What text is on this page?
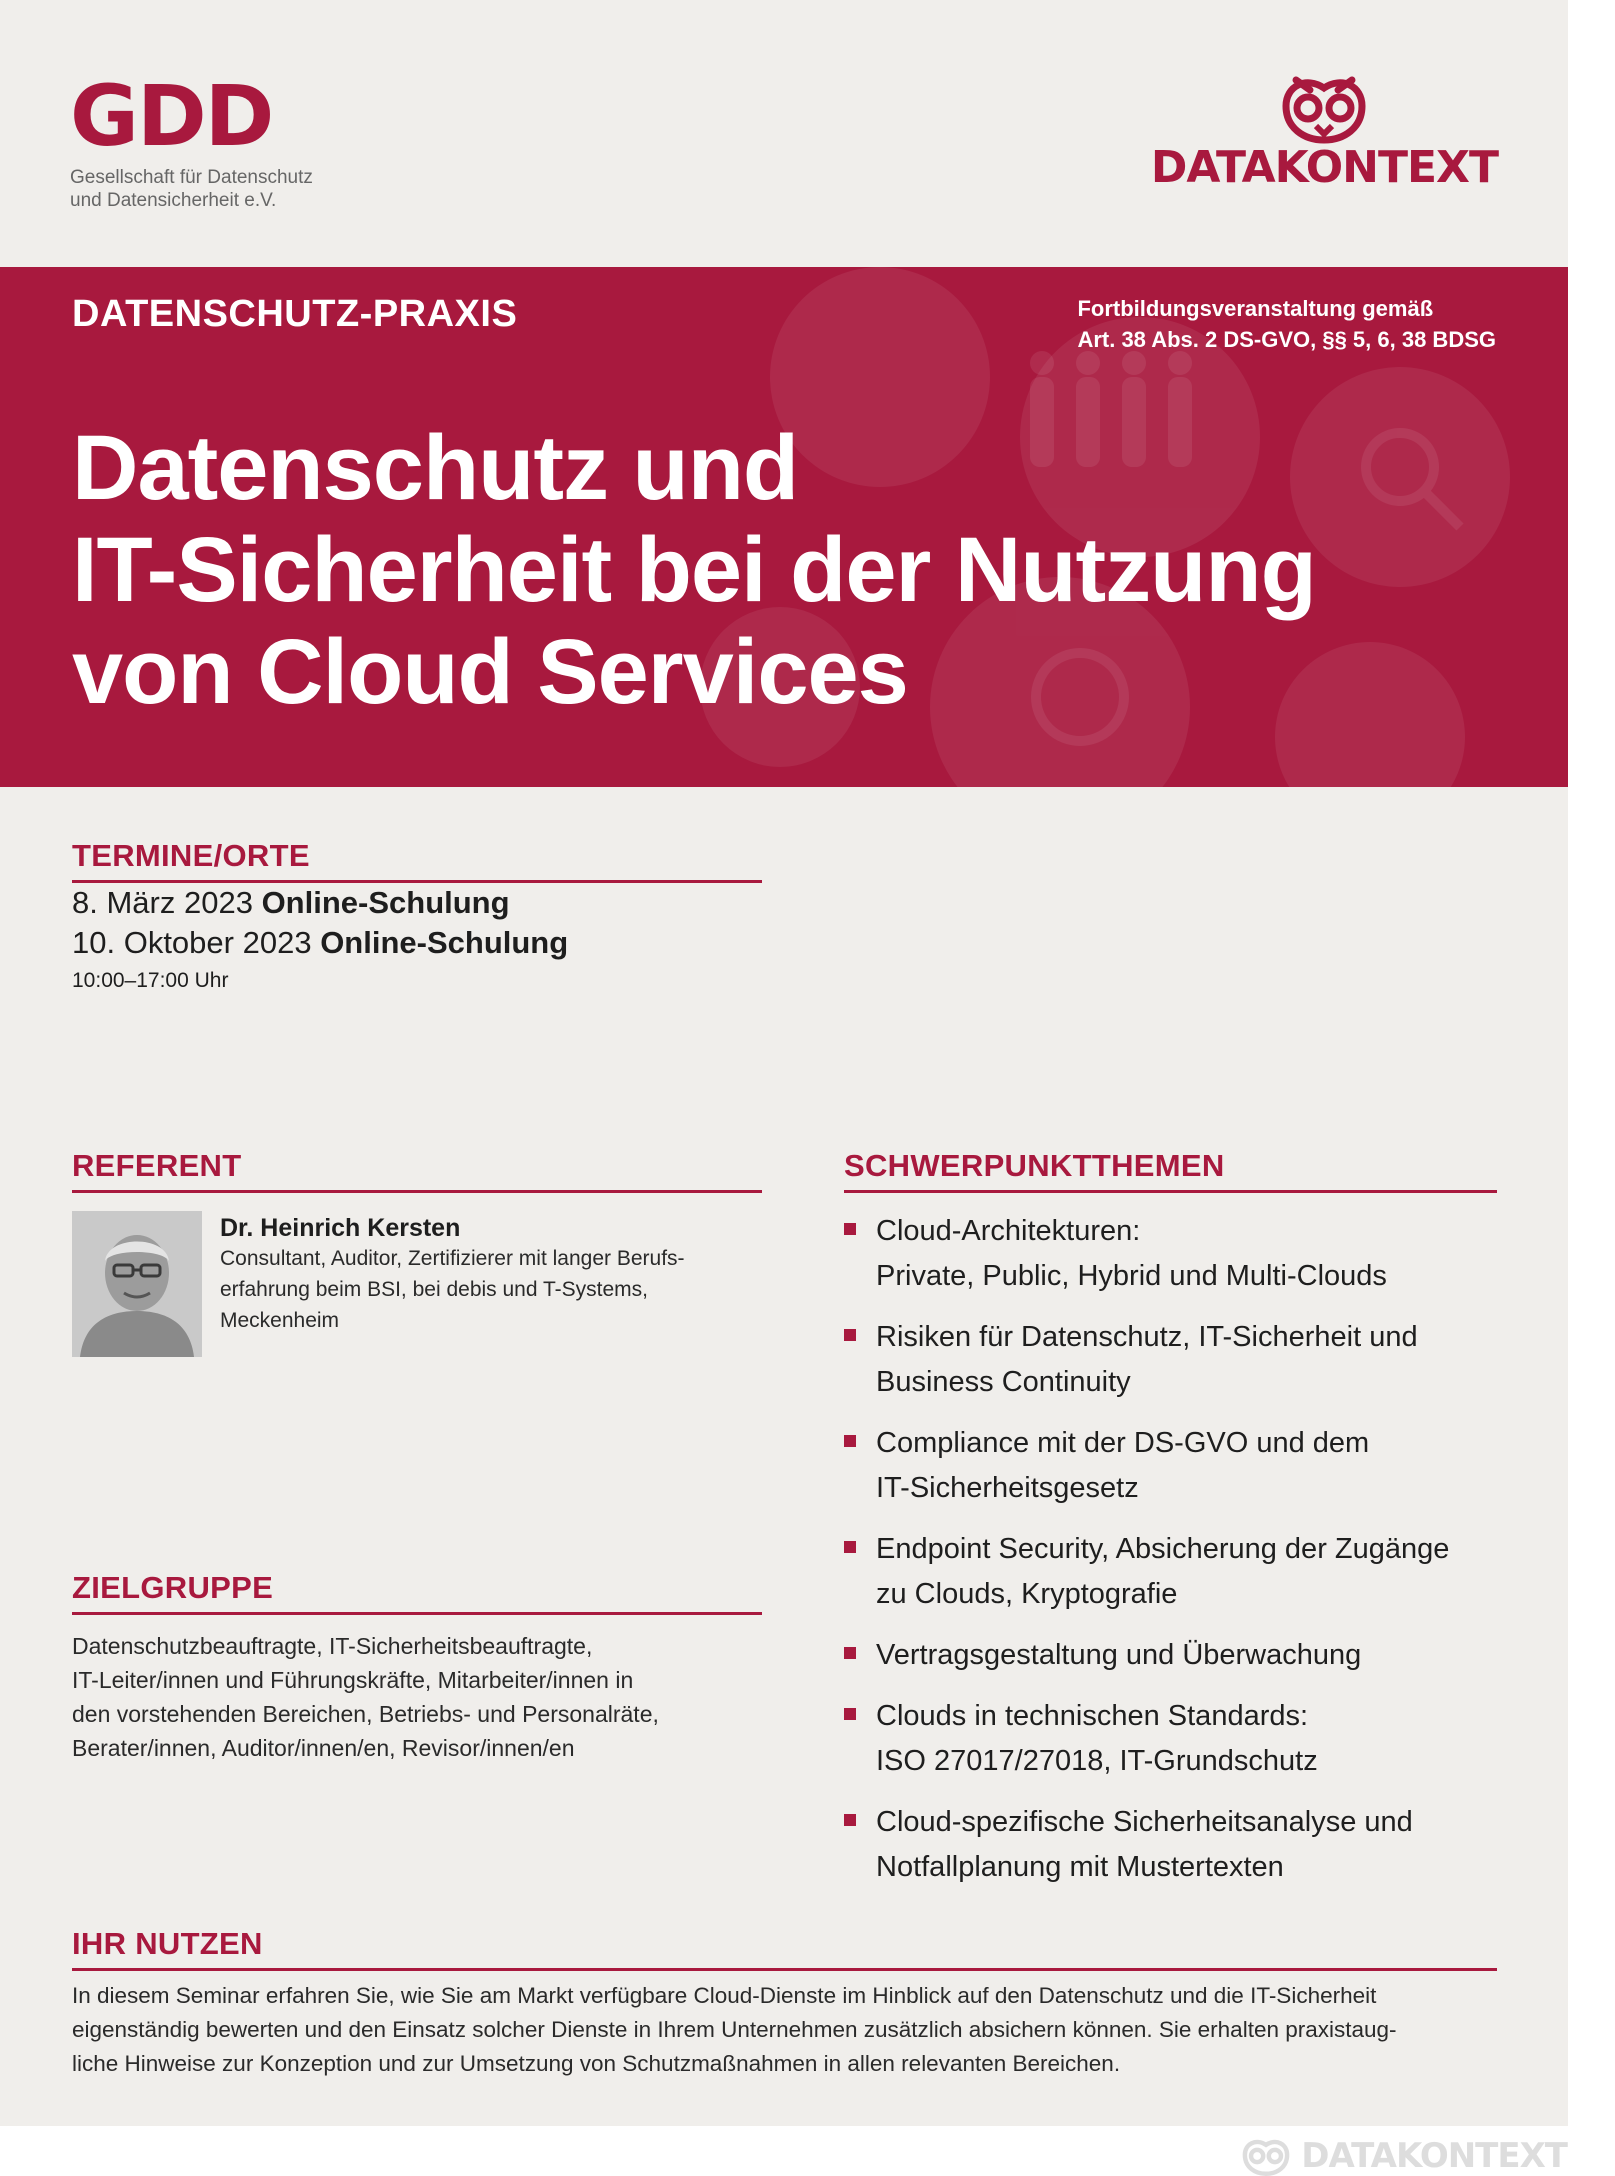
GDD
Gesellschaft für Datenschutz
und Datensicherheit e.V.
DATAKONTEXT
DATENSCHUTZ-PRAXIS	Fortbildungsveranstaltung gemäß
Art. 38 Abs. 2 DS-GVO, §§ 5, 6, 38 BDSG
Datenschutz und
IT-Sicherheit bei der Nutzung
von Cloud Services
TERMINE/ORTE
8. März 2023 Online-Schulung
10. Oktober 2023 Online-Schulung
10:00–17:00 Uhr
REFERENT
Dr. Heinrich Kersten
Consultant, Auditor, Zertifizierer mit langer Berufs-
erfahrung beim BSI, bei debis und T-Systems,
Meckenheim
ZIELGRUPPE
Datenschutzbeauftragte, IT-Sicherheitsbeauftragte,
IT-Leiter/innen und Führungskräfte, Mitarbeiter/innen in
den vorstehenden Bereichen, Betriebs- und Personalräte,
Berater/innen, Auditor/innen/en, Revisor/innen/en
SCHWERPUNKTTHEMEN
Cloud-Architekturen:
Private, Public, Hybrid und Multi-Clouds
Risiken für Datenschutz, IT-Sicherheit und
Business Continuity
Compliance mit der DS-GVO und dem
IT-Sicherheitsgesetz
Endpoint Security, Absicherung der Zugänge
zu Clouds, Kryptografie
Vertragsgestaltung und Überwachung
Clouds in technischen Standards:
ISO 27017/27018, IT-Grundschutz
Cloud-spezifische Sicherheitsanalyse und
Notfallplanung mit Mustertexten
IHR NUTZEN
In diesem Seminar erfahren Sie, wie Sie am Markt verfügbare Cloud-Dienste im Hinblick auf den Datenschutz und die IT-Sicherheit
eigenständig bewerten und den Einsatz solcher Dienste in Ihrem Unternehmen zusätzlich absichern können. Sie erhalten praxistaug-
liche Hinweise zur Konzeption und zur Umsetzung von Schutzmaßnahmen in allen relevanten Bereichen.
DATAKONTEXT
